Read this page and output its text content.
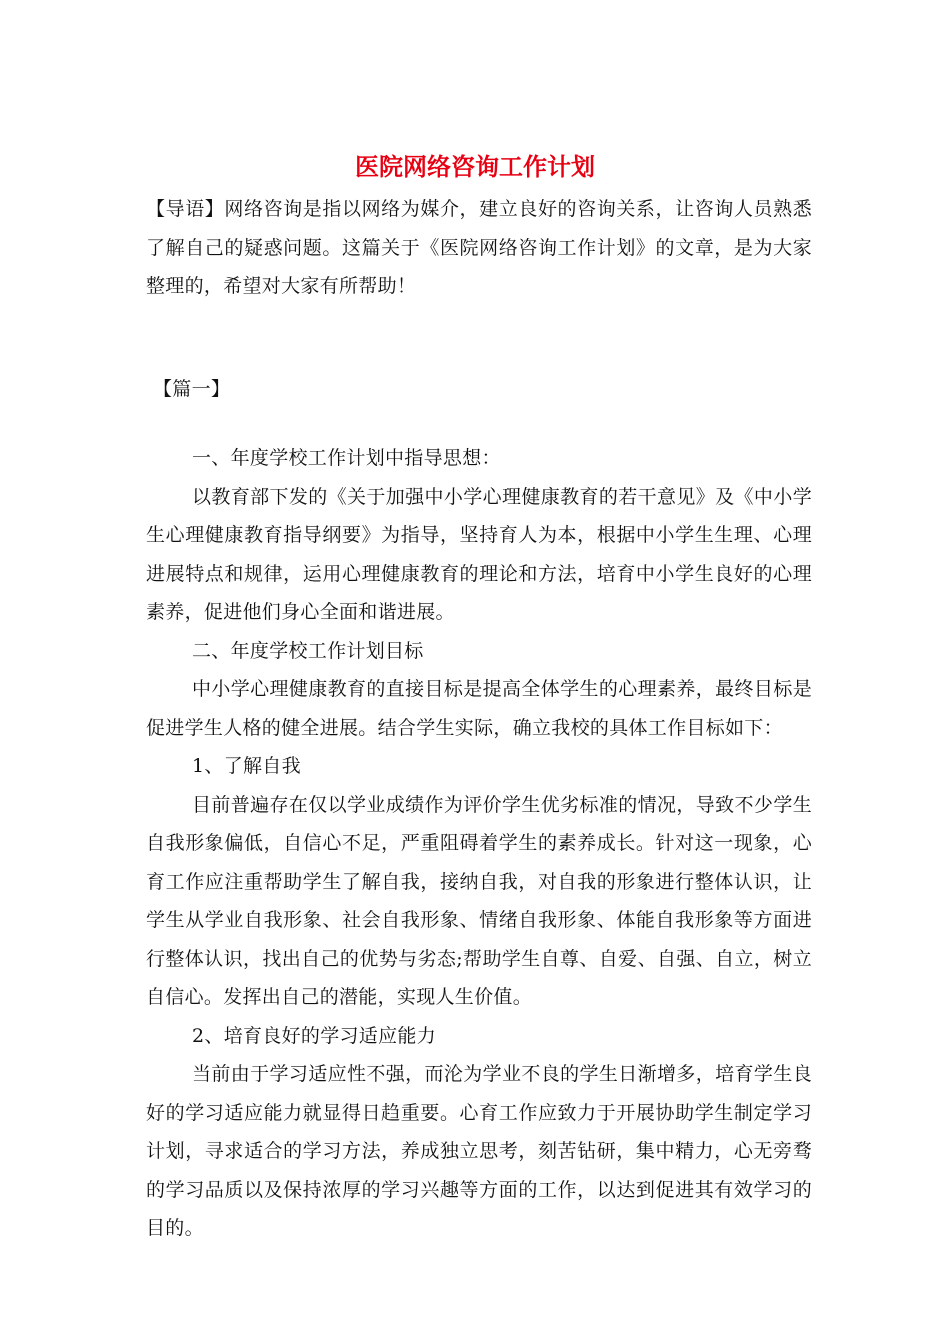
医院网络咨询工作计划

【导语】网络咨询是指以网络为媒介，建立良好的咨询关系，让咨询人员熟悉了解自己的疑惑问题。这篇关于《医院网络咨询工作计划》的文章，是为大家整理的，希望对大家有所帮助！

【篇一】

一、年度学校工作计划中指导思想：

以教育部下发的《关于加强中小学心理健康教育的若干意见》及《中小学生心理健康教育指导纲要》为指导，坚持育人为本，根据中小学生生理、心理进展特点和规律，运用心理健康教育的理论和方法，培育中小学生良好的心理素养，促进他们身心全面和谐进展。

二、年度学校工作计划目标

中小学心理健康教育的直接目标是提高全体学生的心理素养，最终目标是促进学生人格的健全进展。结合学生实际，确立我校的具体工作目标如下：

1、了解自我

目前普遍存在仅以学业成绩作为评价学生优劣标准的情况，导致不少学生自我形象偏低，自信心不足，严重阻碍着学生的素养成长。针对这一现象，心育工作应注重帮助学生了解自我，接纳自我，对自我的形象进行整体认识，让学生从学业自我形象、社会自我形象、情绪自我形象、体能自我形象等方面进行整体认识，找出自己的优势与劣态;帮助学生自尊、自爱、自强、自立，树立自信心。发挥出自己的潜能，实现人生价值。

2、培育良好的学习适应能力

当前由于学习适应性不强，而沦为学业不良的学生日渐增多，培育学生良好的学习适应能力就显得日趋重要。心育工作应致力于开展协助学生制定学习计划，寻求适合的学习方法，养成独立思考，刻苦钻研，集中精力，心无旁骛的学习品质以及保持浓厚的学习兴趣等方面的工作，以达到促进其有效学习的目的。
